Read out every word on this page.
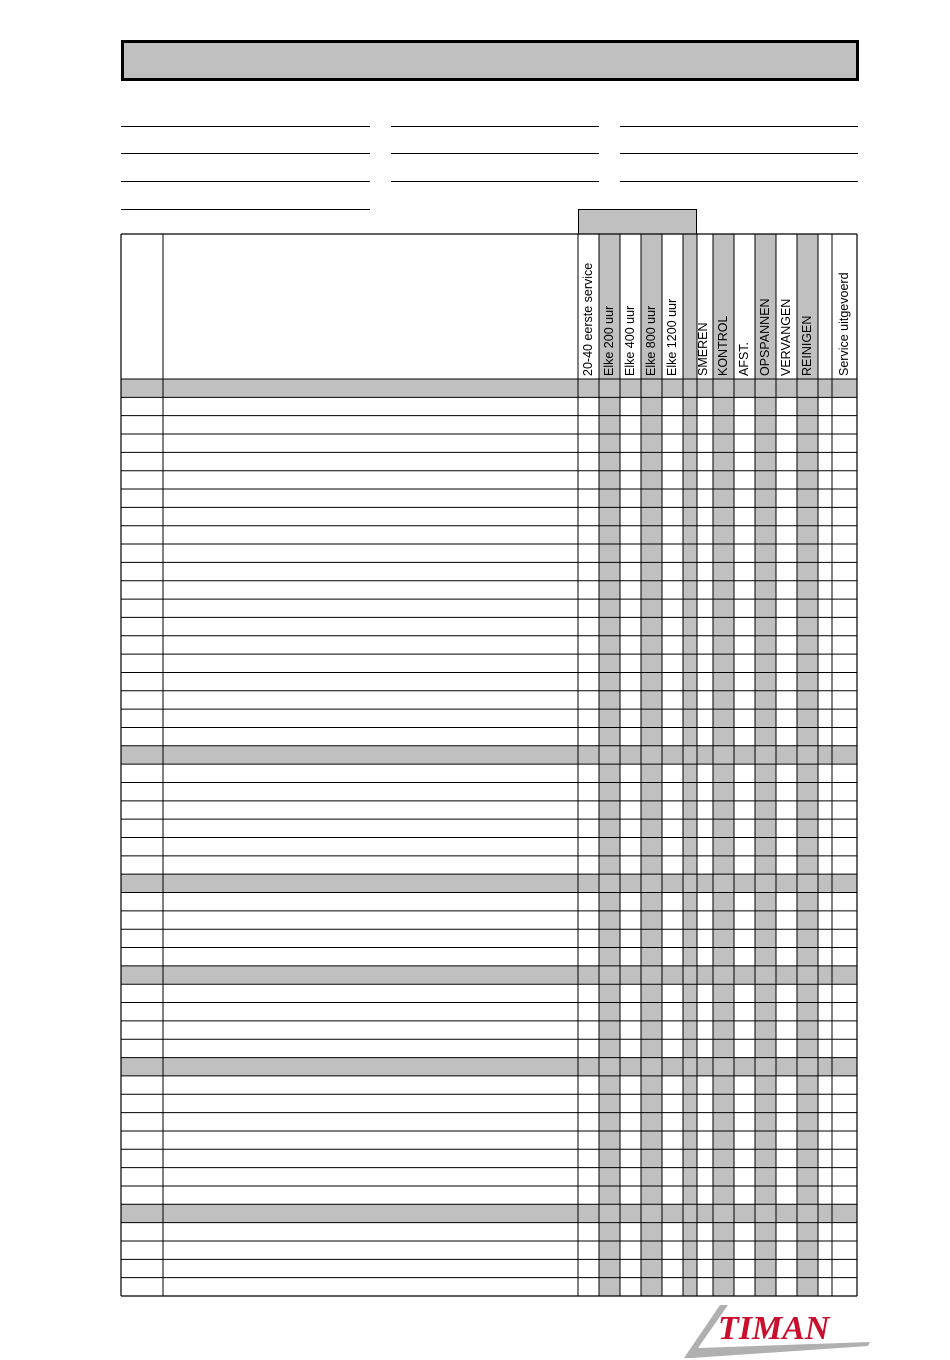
20-40 eerste service Elke 200 uur Elke 400 uur Elke 800 uur Elke 1200 uur SMEREN KONTROL AFST. OPSPANNEN VERVANGEN REINIGEN Service uitgevoerd
TIMAN
